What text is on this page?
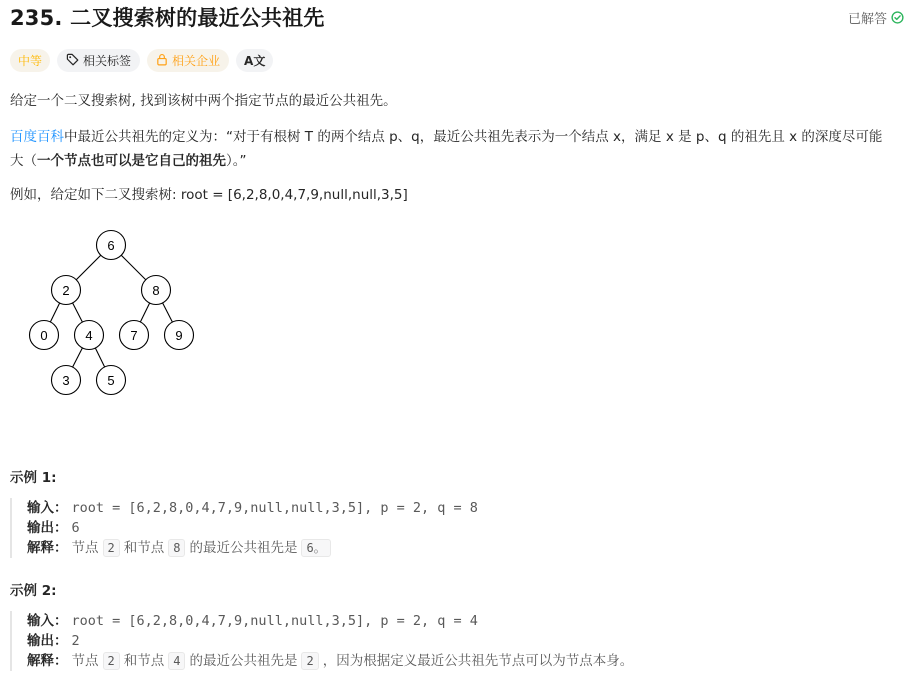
235. 二叉搜索树的最近公共祖先	已解答
中等	相关标签	相关企业 A文
给定一个二叉搜索树, 找到该树中两个指定节点的最近公共祖先。
百度百科中最近公共祖先的定义为：“对于有根树 T 的两个结点 p、q，最近公共祖先表示为一个结点 x，满足 x 是 p、q 的祖先且 x 的深度尽可能
大（一个节点也可以是它自己的祖先）。”
例如，给定如下二叉搜索树: root = [6,2,8,0,4,7,9,null,null,3,5]
6
2	8
0	4	7	9
3	5
示例 1:
输入： root = [6,2,8,0,4,7,9,null,null,3,5], p = 2, q = 8
输出： 6
解释： 节点 2 和节点 8 的最近公共祖先是 6。
示例 2:
输入： root = [6,2,8,0,4,7,9,null,null,3,5], p = 2, q = 4
输出： 2
解释： 节点 2 和节点 4 的最近公共祖先是 2 ，因为根据定义最近公共祖先节点可以为节点本身。
